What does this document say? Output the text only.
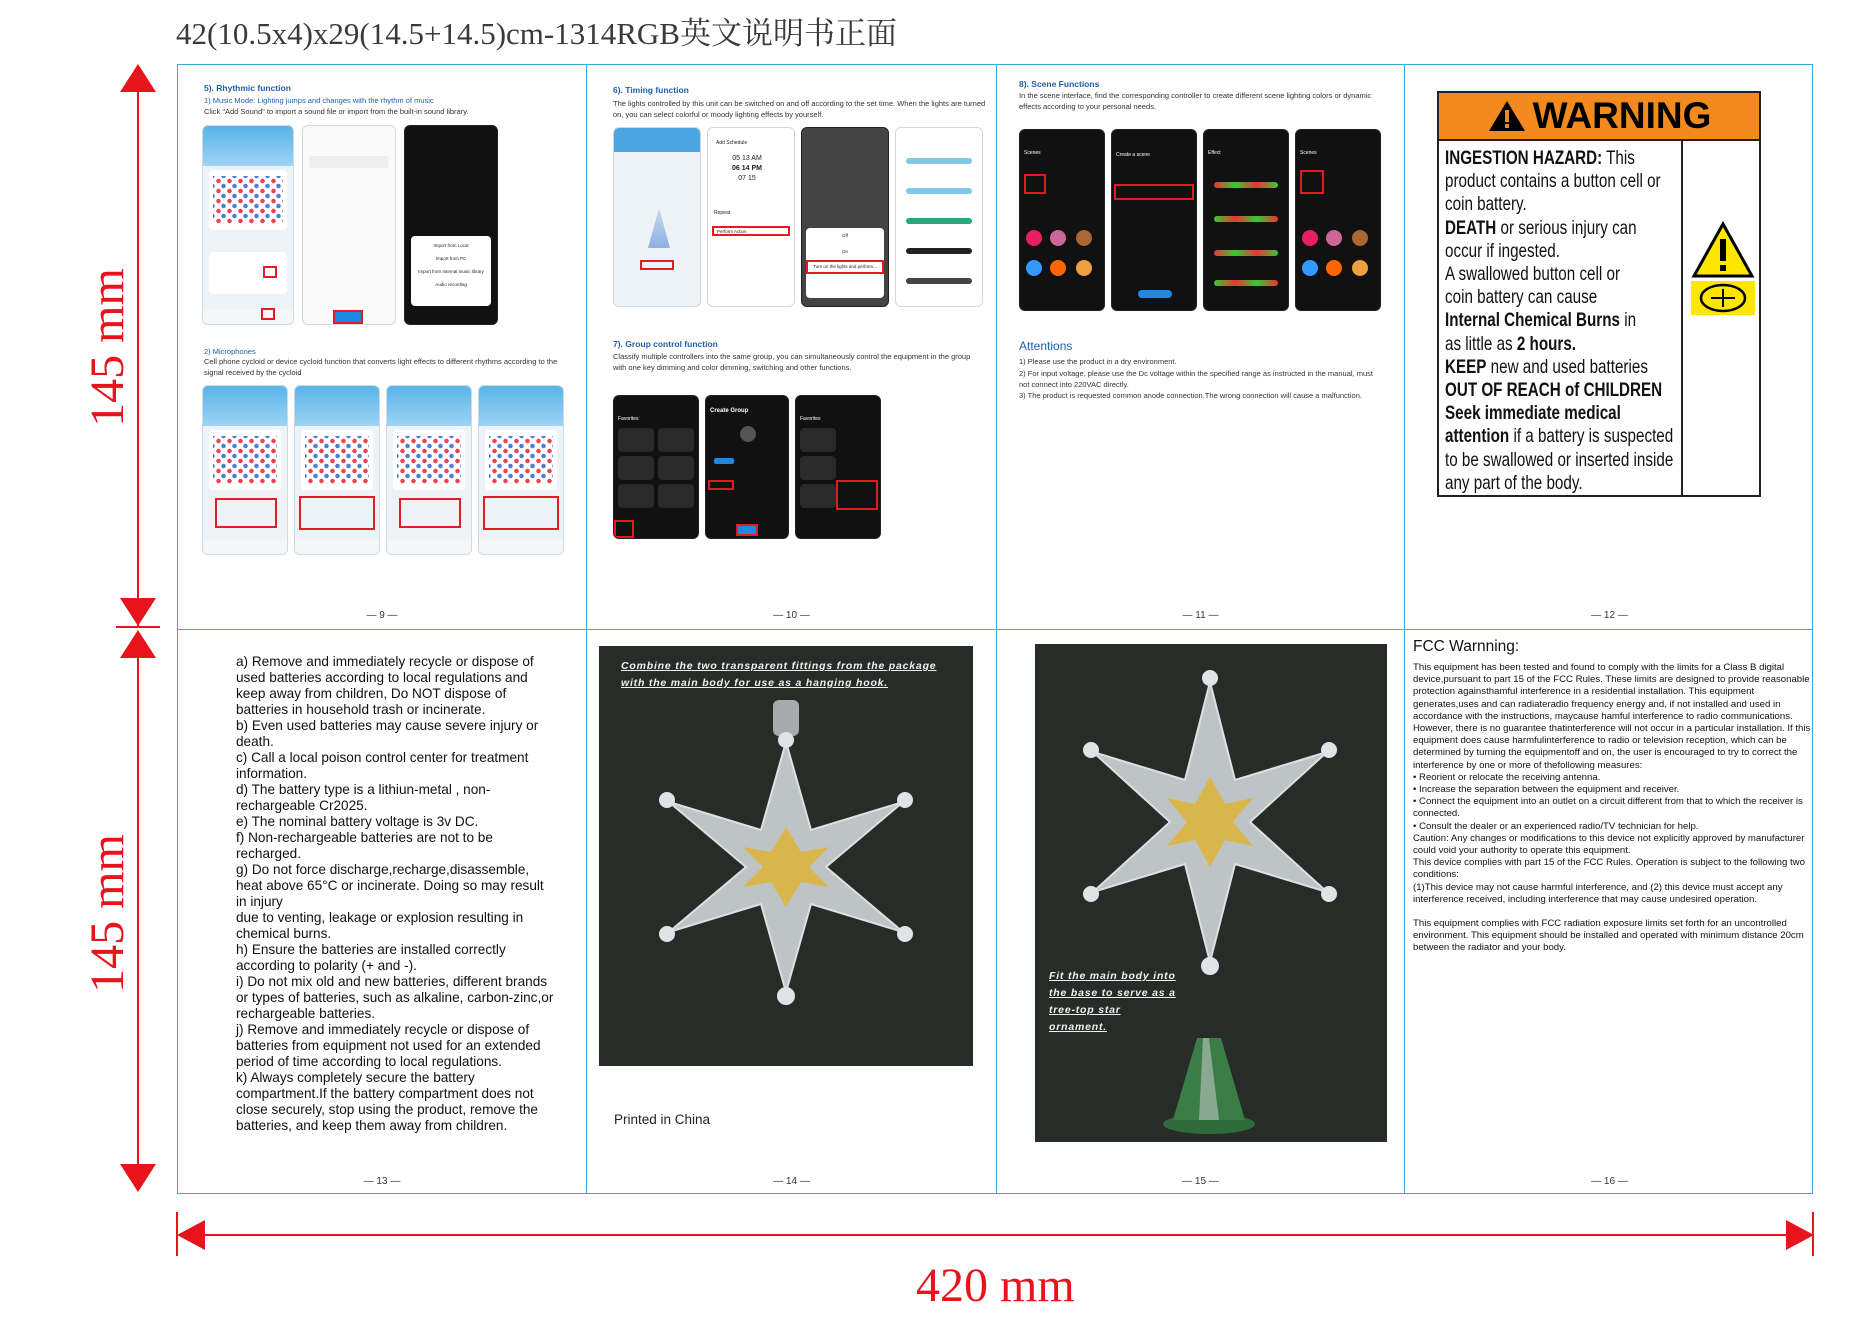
42(10.5x4)x29(14.5+14.5)cm-1314RGB英文说明书正面
145 mm
145 mm
420 mm
5). Rhythmic function
1) Music Mode: Lighting jumps and changes with the rhythm of music
Click "Add Sound" to import a sound file or import from the built-in sound library.
Import from Local
Import from PC
Import from Internal music library
Audio recording
2) Microphones
Cell phone cycloid or device cycloid function that converts light effects to different rhythms according to the signal received by the cycloid
— 9 —
6). Timing function
The lights controlled by this unit can be switched on and off according to the set time. When the lights are turned on, you can select colorful or moody lighting effects by yourself.
Add Schedule
05 13 AM
06 14 PM
07 15
Repeat
Perform Action
Off
On
Turn on the lights and perform...
7). Group control function
Classify multiple controllers into the same group, you can simultaneously control the equipment in the group with one key dimming and color dimming, switching and other functions.
Favorites
Create Group
Favorites
— 10 —
8). Scene Functions
In the scene interface, find the corresponding controller to create different scene lighting colors or dynamic effects according to your personal needs.
Scenes	Create a scene	Effect	Scenes
Attentions
1) Please use the product in a dry environment.
2) For input voltage, please use the Dc voltage within the specified range as instructed in the manual, must not connect into 220VAC directly.
3) The product is requested common anode connection.The wrong connection will cause a malfunction.
— 11 —
WARNING
INGESTION HAZARD: This
product contains a button cell or
coin battery.
DEATH or serious injury can
occur if ingested.
A swallowed button cell or
coin battery can cause
Internal Chemical Burns in
as little as 2 hours.
KEEP new and used batteries
OUT OF REACH of CHILDREN
Seek immediate medical
attention if a battery is suspected
to be swallowed or inserted inside
any part of the body.
— 12 —
a) Remove and immediately recycle or dispose of used batteries according to local regulations and keep away from children, Do NOT dispose of batteries in household trash or incinerate.
b) Even used batteries may cause severe injury or death.
c) Call a local poison control center for treatment information.
d) The battery type is a lithiun-metal , non-rechargeable Cr2025.
e) The nominal battery voltage is 3v DC.
f) Non-rechargeable batteries are not to be recharged.
g) Do not force discharge,recharge,disassemble, heat above 65°C or incinerate. Doing so may result in injury
due to venting, leakage or explosion resulting in chemical burns.
h) Ensure the batteries are installed correctly according to polarity (+ and -).
i) Do not mix old and new batteries, different brands or types of batteries, such as alkaline, carbon-zinc,or rechargeable batteries.
j) Remove and immediately recycle or dispose of batteries from equipment not used for an extended period of time according to local regulations.
k) Always completely secure the battery compartment.If the battery compartment does not close securely, stop using the product, remove the batteries, and keep them away from children.
— 13 —
Combine the two transparent fittings from the package with the main body for use as a hanging hook.
Printed in China
— 14 —
Fit the main body into the base to serve as a tree-top star ornament.
— 15 —
FCC Warnning:
This equipment has been tested and found to comply with the limits for a Class B digital device,pursuant to part 15 of the FCC Rules. These limits are designed to provide reasonable protection againsthamful interference in a residential installation. This equipment generates,uses and can radiateradio frequency energy and, if not installed and used in accordance with the instructions, maycause hamful interference to radio communications. However, there is no guarantee thatinterference will not occur in a particular installation. If this equipment does cause harmfulinterference to radio or television reception, which can be determined by turning the equipmentoff and on, the user is encouraged to try to correct the interference by one or more of thefollowing measures:
• Reorient or relocate the receiving antenna.
• Increase the separation between the equipment and receiver.
• Connect the equipment into an outlet on a circuit different from that to which the receiver is connected.
• Consult the dealer or an experienced radio/TV technician for help.
Caution: Any changes or modifications to this device not explicitly approved by manufacturer could void your authority to operate this equipment.
This device complies with part 15 of the FCC Rules. Operation is subject to the following two conditions:
(1)This device may not cause harmful interference, and (2) this device must accept any interference received, including interference that may cause undesired operation.
This equipment complies with FCC radiation exposure limits set forth for an uncontrolled environment. This equipment should be installed and operated with minimum distance 20cm between the radiator and your body.
— 16 —
